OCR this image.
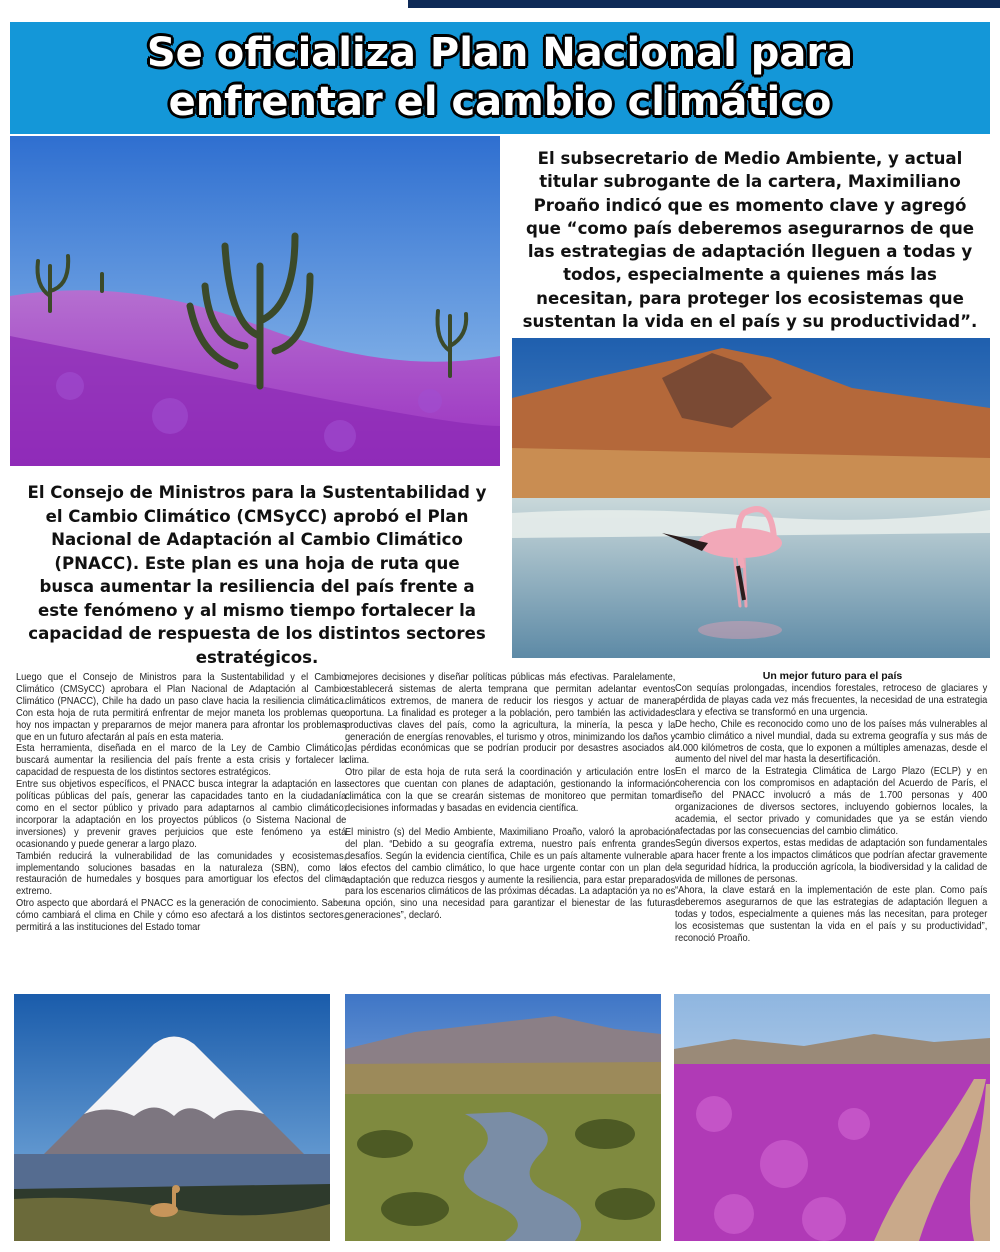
Se oficializa Plan Nacional para
enfrentar el cambio climático

El subsecretario de Medio Ambiente, y actual titular subrogante de la cartera, Maximiliano Proaño indicó que es momento clave y agregó que “como país deberemos asegurarnos de que las estrategias de adaptación lleguen a todas y todos, especialmente a quienes más las necesitan, para proteger los ecosistemas que sustentan la vida en el país y su productividad”.

El Consejo de Ministros para la Sustentabilidad y el Cambio Climático (CMSyCC) aprobó el Plan Nacional de Adaptación al Cambio Climático (PNACC). Este plan es una hoja de ruta que busca aumentar la resiliencia del país frente a este fenómeno y al mismo tiempo fortalecer la capacidad de respuesta de los distintos sectores estratégicos.

Luego que el Consejo de Ministros para la Sustentabilidad y el Cambio Climático (CMSyCC) aprobara el Plan Nacional de Adaptación al Cambio Climático (PNACC), Chile ha dado un paso clave hacia la resiliencia climática. Con esta hoja de ruta permitirá enfrentar de mejor maneta los problemas que hoy nos impactan y prepararnos de mejor manera para afrontar los problemas que en un futuro afectarán al país en esta materia.

Esta herramienta, diseñada en el marco de la Ley de Cambio Climático, buscará aumentar la resiliencia del país frente a esta crisis y fortalecer la capacidad de respuesta de los distintos sectores estratégicos.

Entre sus objetivos específicos, el PNACC busca integrar la adaptación en las políticas públicas del país, generar las capacidades tanto en la ciudadanía como en el sector público y privado para adaptarnos al cambio climático; incorporar la adaptación en los proyectos públicos (o Sistema Nacional de inversiones) y prevenir graves perjuicios que este fenómeno ya está ocasionando y puede generar a largo plazo.

También reducirá la vulnerabilidad de las comunidades y ecosistemas, implementando soluciones basadas en la naturaleza (SBN), como la restauración de humedales y bosques para amortiguar los efectos del clima extremo.

Otro aspecto que abordará el PNACC es la generación de conocimiento. Saber cómo cambiará el clima en Chile y cómo eso afectará a los distintos sectores, permitirá a las instituciones del Estado tomar

mejores decisiones y diseñar políticas públicas más efectivas. Paralelamente, establecerá sistemas de alerta temprana que permitan adelantar eventos climáticos extremos, de manera de reducir los riesgos y actuar de manera oportuna. La finalidad es proteger a la población, pero también las actividades productivas claves del país, como la agricultura, la minería, la pesca y la generación de energías renovables, el turismo y otros, minimizando los daños y las pérdidas económicas que se podrían producir por desastres asociados al clima.

Otro pilar de esta hoja de ruta será la coordinación y articulación entre los sectores que cuentan con planes de adaptación, gestionando la información climática con la que se crearán sistemas de monitoreo que permitan tomar decisiones informadas y basadas en evidencia científica.

El ministro (s) del Medio Ambiente, Maximiliano Proaño, valoró la aprobación del plan. “Debido a su geografía extrema, nuestro país enfrenta grandes desafíos. Según la evidencia científica, Chile es un país altamente vulnerable a los efectos del cambio climático, lo que hace urgente contar con un plan de adaptación que reduzca riesgos y aumente la resiliencia, para estar preparados para los escenarios climáticos de las próximas décadas. La adaptación ya no es una opción, sino una necesidad para garantizar el bienestar de las futuras generaciones”, declaró.

Un mejor futuro para el país

Con sequías prolongadas, incendios forestales, retroceso de glaciares y pérdida de playas cada vez más frecuentes, la necesidad de una estrategia clara y efectiva se transformó en una urgencia.

De hecho, Chile es reconocido como uno de los países más vulnerables al cambio climático a nivel mundial, dada su extrema geografía y sus más de 4.000 kilómetros de costa, que lo exponen a múltiples amenazas, desde el aumento del nivel del mar hasta la desertificación.

En el marco de la Estrategia Climática de Largo Plazo (ECLP) y en coherencia con los compromisos en adaptación del Acuerdo de París, el diseño del PNACC involucró a más de 1.700 personas y 400 organizaciones de diversos sectores, incluyendo gobiernos locales, la academia, el sector privado y comunidades que ya se están viendo afectadas por las consecuencias del cambio climático.

Según diversos expertos, estas medidas de adaptación son fundamentales para hacer frente a los impactos climáticos que podrían afectar gravemente la seguridad hídrica, la producción agrícola, la biodiversidad y la calidad de vida de millones de personas.

“Ahora, la clave estará en la implementación de este plan. Como país deberemos asegurarnos de que las estrategias de adaptación lleguen a todas y todos, especialmente a quienes más las necesitan, para proteger los ecosistemas que sustentan la vida en el país y su productividad”, reconoció Proaño.
